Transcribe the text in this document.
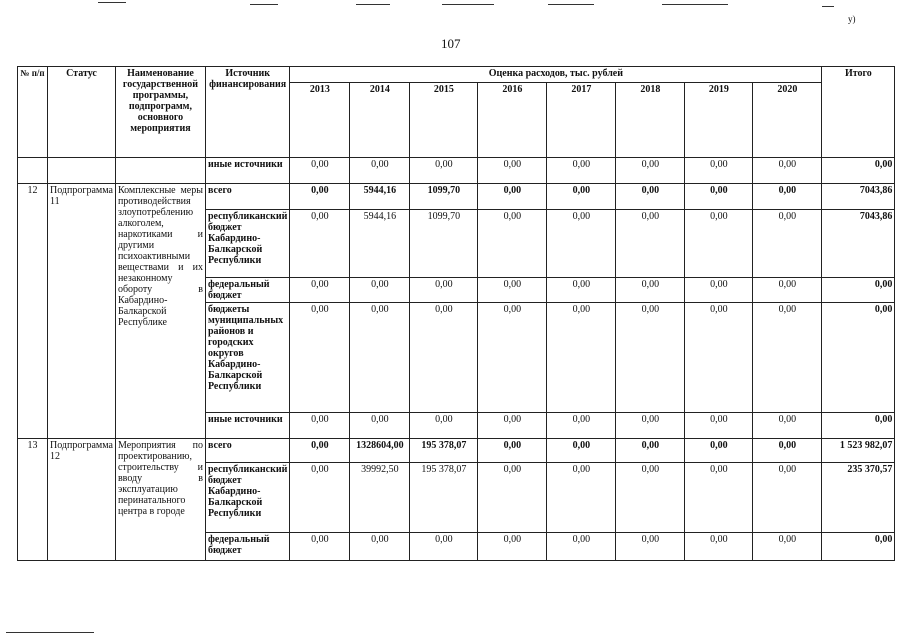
у)
107
№ п/п	Статус	Наименование государственной программы, подпрограмм, основного мероприятия	Источник финансирования	Оценка расходов, тыс. рублей								Итого
				2013	2014	2015	2016	2017	2018	2019	2020	
			иные источники	0,00	0,00	0,00	0,00	0,00	0,00	0,00	0,00	0,00
12	Подпрограмма 11	Комплексные меры противодействия злоупотреблению алкоголем, наркотиками и другими психоактивными веществами и их незаконному обороту в Кабардино-Балкарской Республике	всего	0,00	5944,16	1099,70	0,00	0,00	0,00	0,00	0,00	7043,86
			республиканский бюджет Кабардино-Балкарской Республики	0,00	5944,16	1099,70	0,00	0,00	0,00	0,00	0,00	7043,86
			федеральный бюджет	0,00	0,00	0,00	0,00	0,00	0,00	0,00	0,00	0,00
			бюджеты муниципальных районов и городских округов Кабардино-Балкарской Республики	0,00	0,00	0,00	0,00	0,00	0,00	0,00	0,00	0,00
			иные источники	0,00	0,00	0,00	0,00	0,00	0,00	0,00	0,00	0,00
13	Подпрограмма 12	Мероприятия по проектированию, строительству и вводу в эксплуатацию перинатального центра в городе	всего	0,00	1328604,00	195 378,07	0,00	0,00	0,00	0,00	0,00	1 523 982,07
			республиканский бюджет Кабардино-Балкарской Республики	0,00	39992,50	195 378,07	0,00	0,00	0,00	0,00	0,00	235 370,57
			федеральный бюджет	0,00	0,00	0,00	0,00	0,00	0,00	0,00	0,00	0,00
